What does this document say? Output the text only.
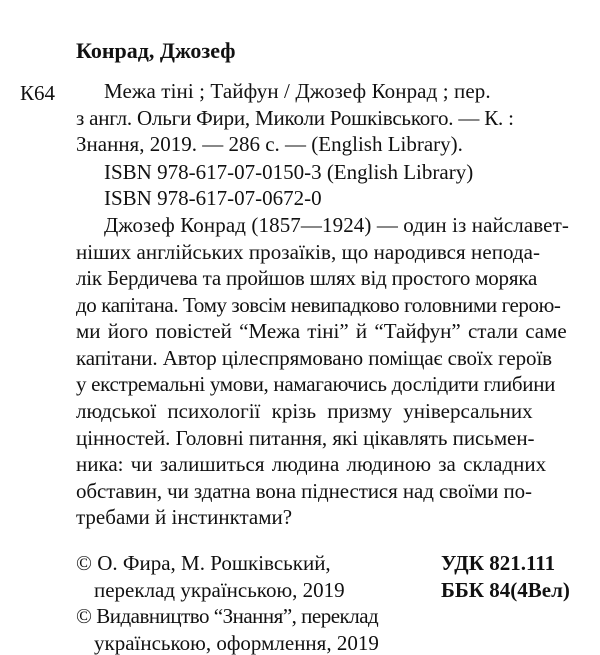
Конрад, Джозеф
К64 Межа тіні ; Тайфун / Джозеф Конрад ; пер.
з англ. Ольги Фири, Миколи Рошківського. — К. :
Знання, 2019. — 286 с. — (English Library).
ISBN 978-617-07-0150-3 (English Library)
ISBN 978-617-07-0672-0
Джозеф Конрад (1857—1924) — один із найславет-
ніших англійських прозаїків, що народився непода-
лік Бердичева та пройшов шлях від простого моряка
до капітана. Тому зовсім невипадково головними герою-
ми його повістей “Межа тіні” й “Тайфун” стали саме
капітани. Автор цілеспрямовано поміщає своїх героїв
у екстремальні умови, намагаючись дослідити глибини
людської психології крізь призму універсальних
цінностей. Головні питання, які цікавлять письмен-
ника: чи залишиться людина людиною за складних
обставин, чи здатна вона піднестися над своїми по-
требами й інстинктами?
© О. Фира, М. Рошківський,
переклад українською, 2019
© Видавництво “Знання”, переклад
українською, оформлення, 2019
УДК 821.111
ББК 84(4Вел)
